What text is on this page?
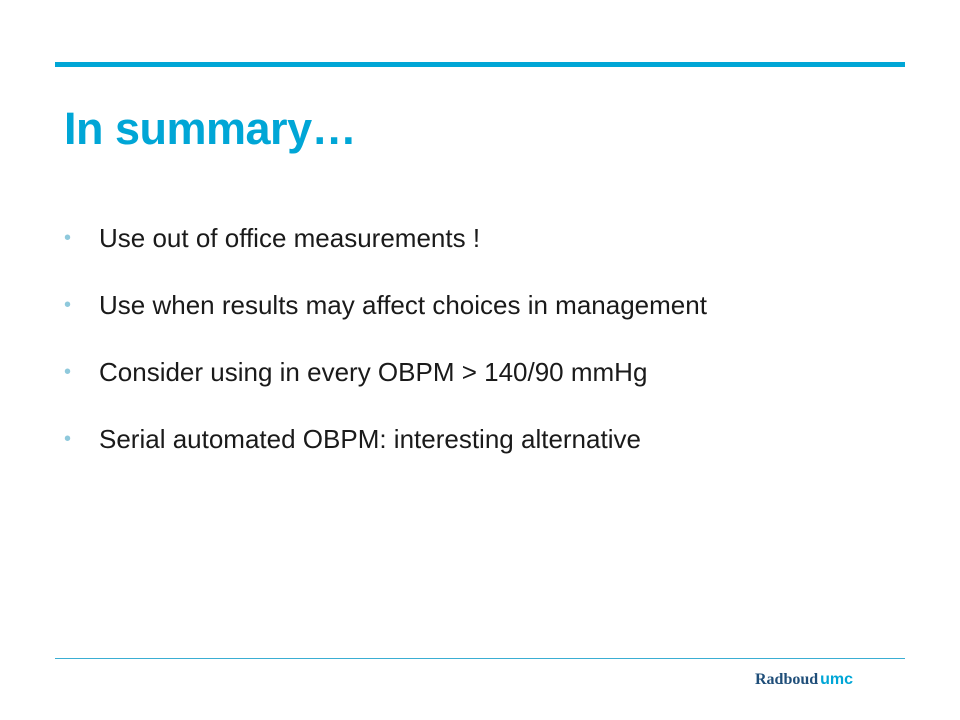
In summary…
•	Use out of office measurements !
•	Use when results may affect choices in management
•	Consider using in every OBPM > 140/90 mmHg
•	Serial automated OBPM: interesting alternative
Radboud umc
